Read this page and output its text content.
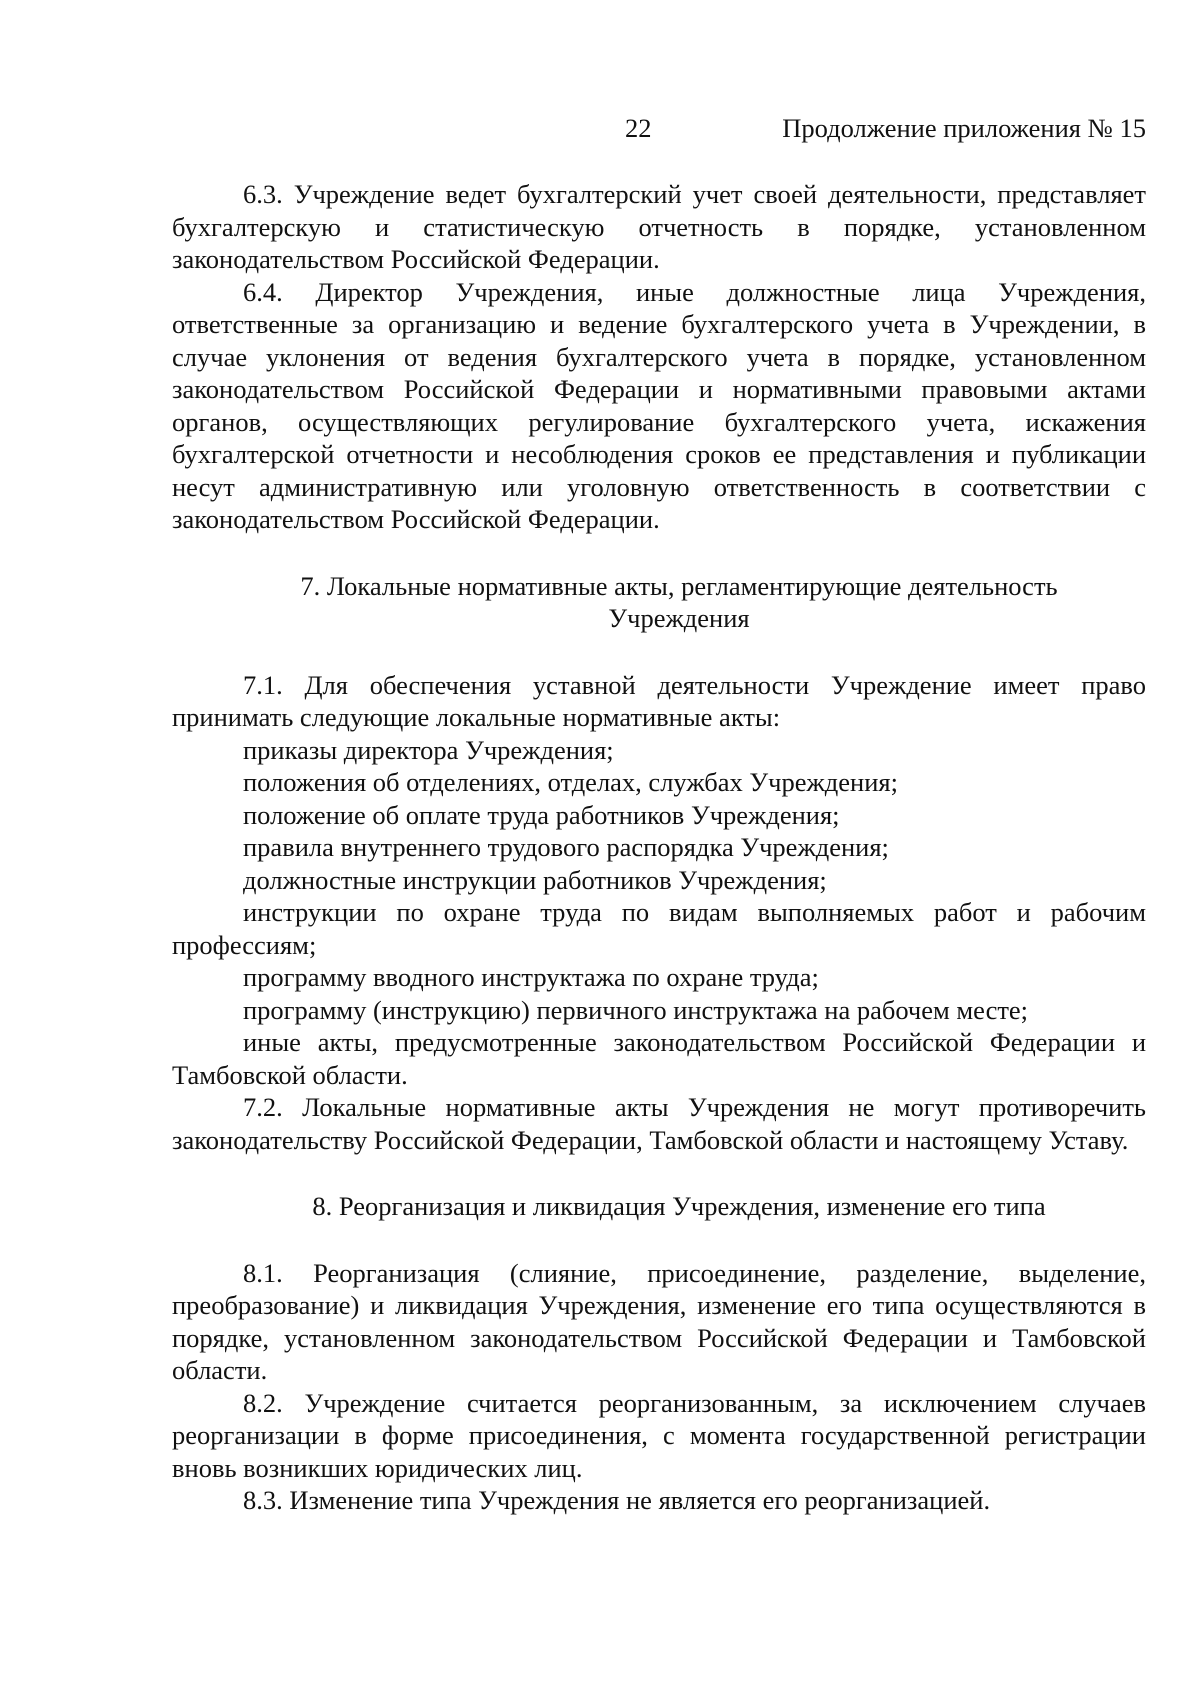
22	Продолжение приложения № 15

6.3. Учреждение ведет бухгалтерский учет своей деятельности, представляет бухгалтерскую и статистическую отчетность в порядке, установленном законодательством Российской Федерации.

6.4. Директор Учреждения, иные должностные лица Учреждения, ответственные за организацию и ведение бухгалтерского учета в Учреждении, в случае уклонения от ведения бухгалтерского учета в порядке, установленном законодательством Российской Федерации и нормативными правовыми актами органов, осуществляющих регулирование бухгалтерского учета, искажения бухгалтерской отчетности и несоблюдения сроков ее представления и публикации несут административную или уголовную ответственность в соответствии с законодательством Российской Федерации.

7. Локальные нормативные акты, регламентирующие деятельность
Учреждения

7.1. Для обеспечения уставной деятельности Учреждение имеет право принимать следующие локальные нормативные акты:

приказы директора Учреждения;

положения об отделениях, отделах, службах Учреждения;

положение об оплате труда работников Учреждения;

правила внутреннего трудового распорядка Учреждения;

должностные инструкции работников Учреждения;

инструкции по охране труда по видам выполняемых работ и рабочим профессиям;

программу вводного инструктажа по охране труда;

программу (инструкцию) первичного инструктажа на рабочем месте;

иные акты, предусмотренные законодательством Российской Федерации и Тамбовской области.

7.2. Локальные нормативные акты Учреждения не могут противоречить законодательству Российской Федерации, Тамбовской области и настоящему Уставу.

8. Реорганизация и ликвидация Учреждения, изменение его типа

8.1. Реорганизация (слияние, присоединение, разделение, выделение, преобразование) и ликвидация Учреждения, изменение его типа осуществляются в порядке, установленном законодательством Российской Федерации и Тамбовской области.

8.2. Учреждение считается реорганизованным, за исключением случаев реорганизации в форме присоединения, с момента государственной регистрации вновь возникших юридических лиц.

8.3. Изменение типа Учреждения не является его реорганизацией.
